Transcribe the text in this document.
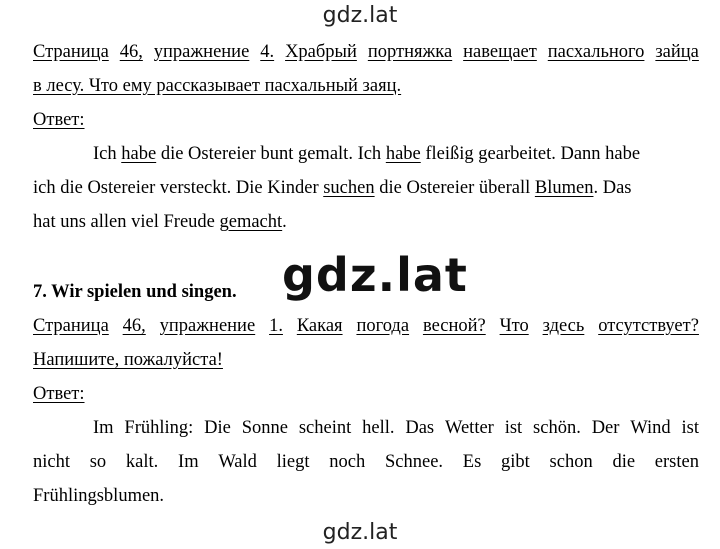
gdz.lat
Страница 46, упражнение 4. Храбрый портняжка навещает пасхального зайца
в лесу. Что ему рассказывает пасхальный заяц.
Ответ:
Ich habe die Ostereier bunt gemalt. Ich habe fleißig gearbeitet. Dann habe
ich die Ostereier versteckt. Die Kinder suchen die Ostereier überall Blumen. Das
hat uns allen viel Freude gemacht.
gdz.lat
7. Wir spielen und singen.
Страница 46, упражнение 1. Какая погода весной? Что здесь отсутствует?
Напишите, пожалуйста!
Ответ:
Im Frühling: Die Sonne scheint hell. Das Wetter ist schön. Der Wind ist
nicht so kalt. Im Wald liegt noch Schnee. Es gibt schon die ersten
Frühlingsblumen.
gdz.lat
